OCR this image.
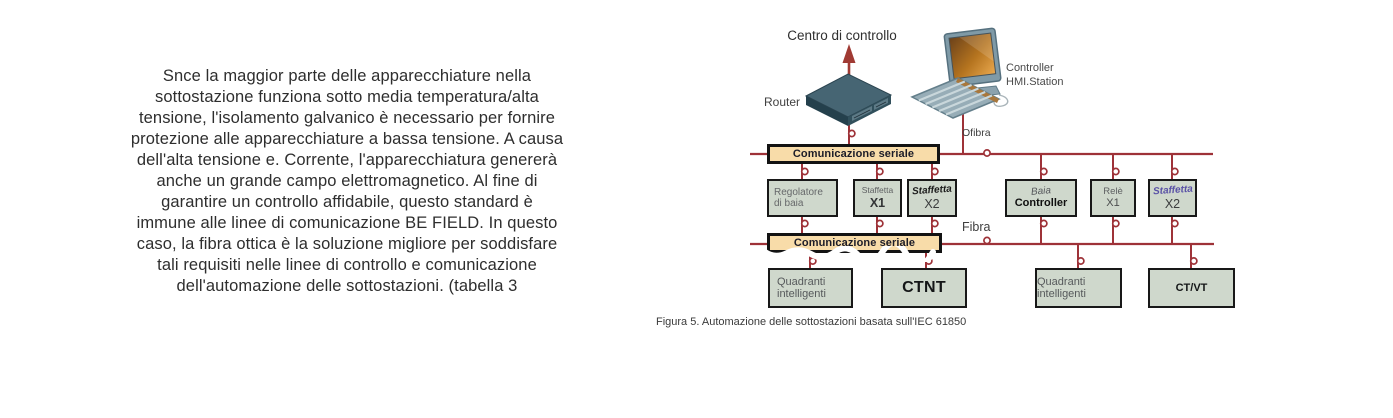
Snce la maggior parte delle apparecchiature nella
sottostazione funziona sotto media temperatura/alta
tensione, l'isolamento galvanico è necessario per fornire
protezione alle apparecchiature a bassa tensione. A causa
dell'alta tensione e. Corrente, l'apparecchiatura genererà
anche un grande campo elettromagnetico. Al fine di
garantire un controllo affidabile, questo standard è
immune alle linee di comunicazione BE FIELD. In questo
caso, la fibra ottica è la soluzione migliore per soddisfare
tali requisiti nelle linee di controllo e comunicazione
dell'automazione delle sottostazioni. (tabella 3
Comunicazione seriale
Comunicazione seriale
Regolatore
di baia
Staffetta
X1
Staffetta
X2
Baia
Controller
Relè
X1
Staffetta
X2
Quadranti
intelligenti	CTNT	Quadranti
intelligenti
CT/VT
Centro di controllo
Router
Controller
HMI.Station
Ofibra
Fibra
Figura 5. Automazione delle sottostazioni basata sull'IEC 61850
